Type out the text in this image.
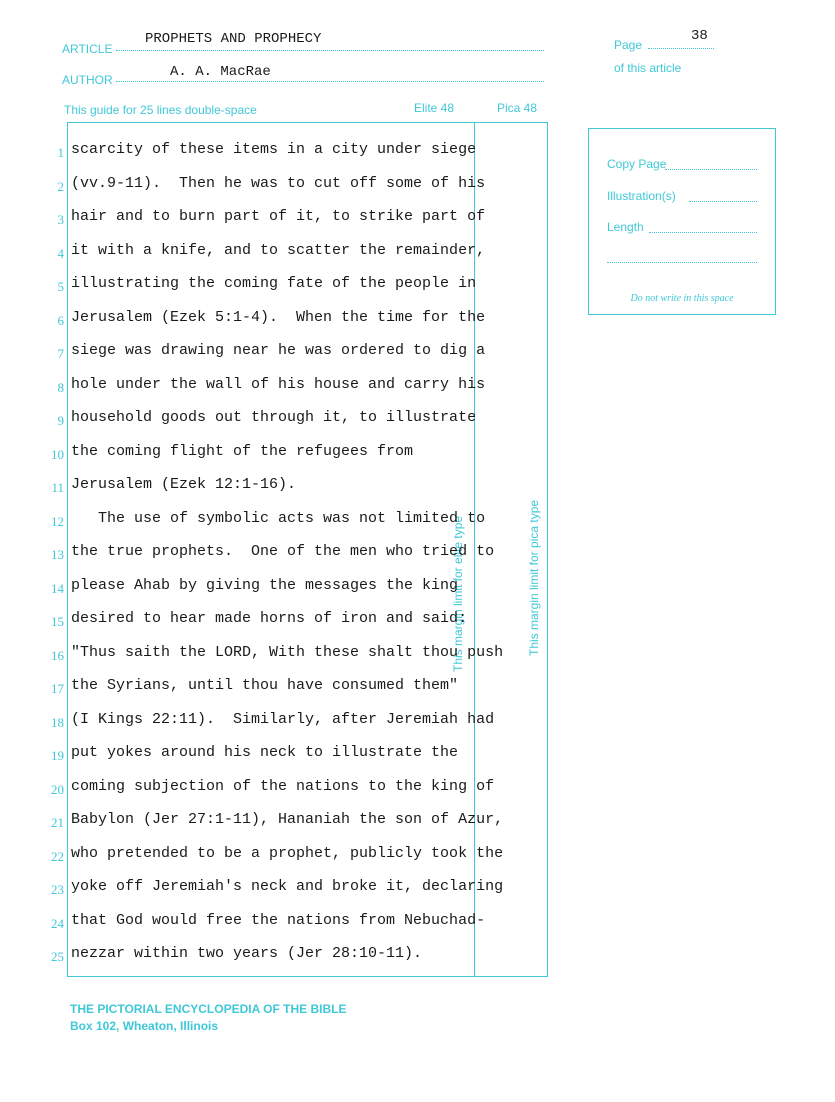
ARTICLE
PROPHETS AND PROPHECY
AUTHOR	A. A. MacRae
Page
38
of this article
This guide for 25 lines double-space	Elite 48	Pica 48
This margin limit for elite type	This margin limit for pica type
1 scarcity of these items in a city under siege
2 (vv.9-11).  Then he was to cut off some of his
3 hair and to burn part of it, to strike part of
4 it with a knife, and to scatter the remainder,
5 illustrating the coming fate of the people in
6 Jerusalem (Ezek 5:1-4).  When the time for the
7 siege was drawing near he was ordered to dig a
8 hole under the wall of his house and carry his
9 household goods out through it, to illustrate
10 the coming flight of the refugees from
11 Jerusalem (Ezek 12:1-16).
12 The use of symbolic acts was not limited to
13 the true prophets.  One of the men who tried to
14 please Ahab by giving the messages the king
15 desired to hear made horns of iron and said:
16 "Thus saith the LORD, With these shalt thou push
17 the Syrians, until thou have consumed them"
18 (I Kings 22:11).  Similarly, after Jeremiah had
19 put yokes around his neck to illustrate the
20 coming subjection of the nations to the king of
21 Babylon (Jer 27:1-11), Hananiah the son of Azur,
22 who pretended to be a prophet, publicly took the
23 yoke off Jeremiah's neck and broke it, declaring
24 that God would free the nations from Nebuchad-
25 nezzar within two years (Jer 28:10-11).
Copy Page
Illustration(s)
Length
Do not write in this space
THE PICTORIAL ENCYCLOPEDIA OF THE BIBLE
Box 102, Wheaton, Illinois
